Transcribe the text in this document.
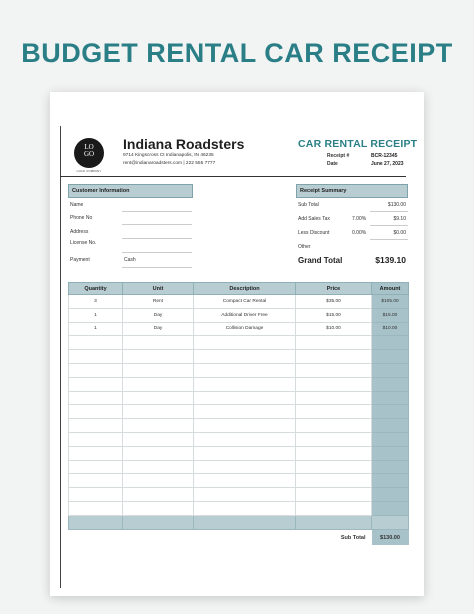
BUDGET RENTAL CAR RECEIPT
LO
GO
LOGO COMPANY
Indiana Roadsters
9714 Kingscross Ct Indianapolis, IN 46235
rent@indianaroadsters.com | 222 555 7777
CAR RENTAL RECEIPT
Receipt #	BCR-12345
Date	June 27, 2023
Customer Information
Name
Phone No
Address
License No.
Payment	Cash
Receipt Summary
Sub Total	$130.00
Add Sales Tax	7.00%	$9.10
Less Discount	0.00%	$0.00
Other
Grand Total	$139.10
Quantity	Unit	Description	Price	Amount
3	Rent	Compact Car Rental	$35.00	$105.00
1	Day	Additional Driver Free	$15.00	$15.00
1	Day	Collision Damage	$10.00	$10.00

		Sub Total		$130.00
